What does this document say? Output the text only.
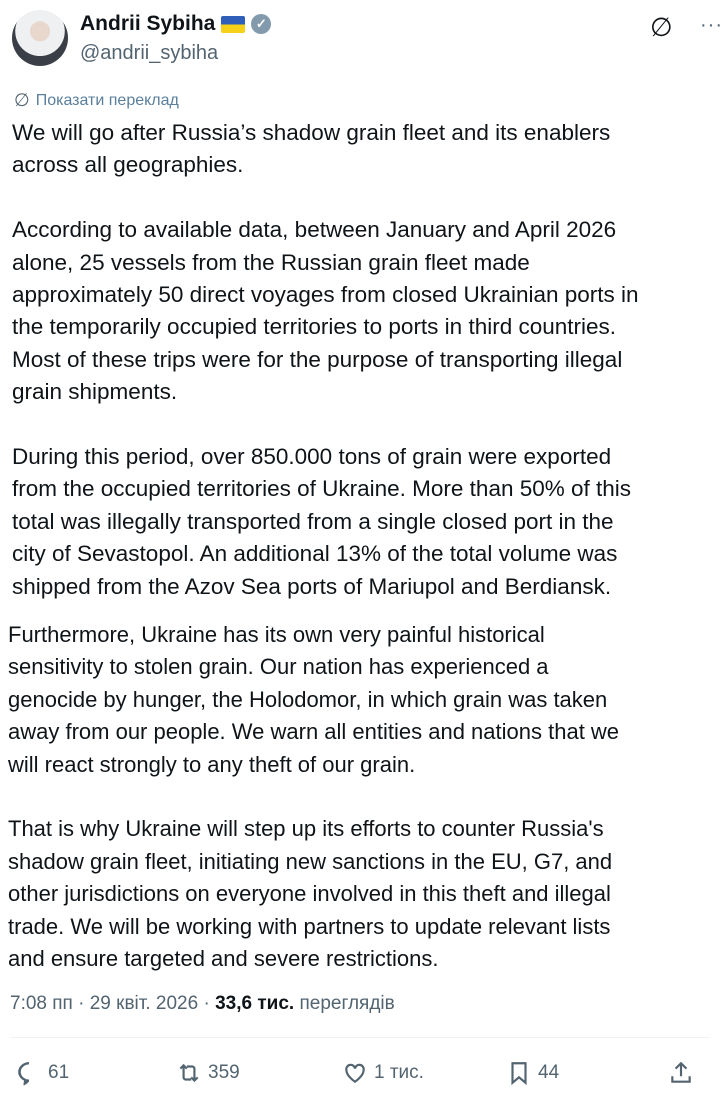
Andrii Sybiha	✓
@andrii_sybiha
∅ ···
∅ Показати переклад
We will go after Russia’s shadow grain fleet and its enablers
across all geographies.
According to available data, between January and April 2026
alone, 25 vessels from the Russian grain fleet made
approximately 50 direct voyages from closed Ukrainian ports in
the temporarily occupied territories to ports in third countries.
Most of these trips were for the purpose of transporting illegal
grain shipments.
During this period, over 850.000 tons of grain were exported
from the occupied territories of Ukraine. More than 50% of this
total was illegally transported from a single closed port in the
city of Sevastopol. An additional 13% of the total volume was
shipped from the Azov Sea ports of Mariupol and Berdiansk.
Furthermore, Ukraine has its own very painful historical
sensitivity to stolen grain. Our nation has experienced a
genocide by hunger, the Holodomor, in which grain was taken
away from our people. We warn all entities and nations that we
will react strongly to any theft of our grain.
That is why Ukraine will step up its efforts to counter Russia's
shadow grain fleet, initiating new sanctions in the EU, G7, and
other jurisdictions on everyone involved in this theft and illegal
trade. We will be working with partners to update relevant lists
and ensure targeted and severe restrictions.
7:08 пп · 29 квіт. 2026 · 33,6 тис. переглядів
61	359	1 тис.	44
